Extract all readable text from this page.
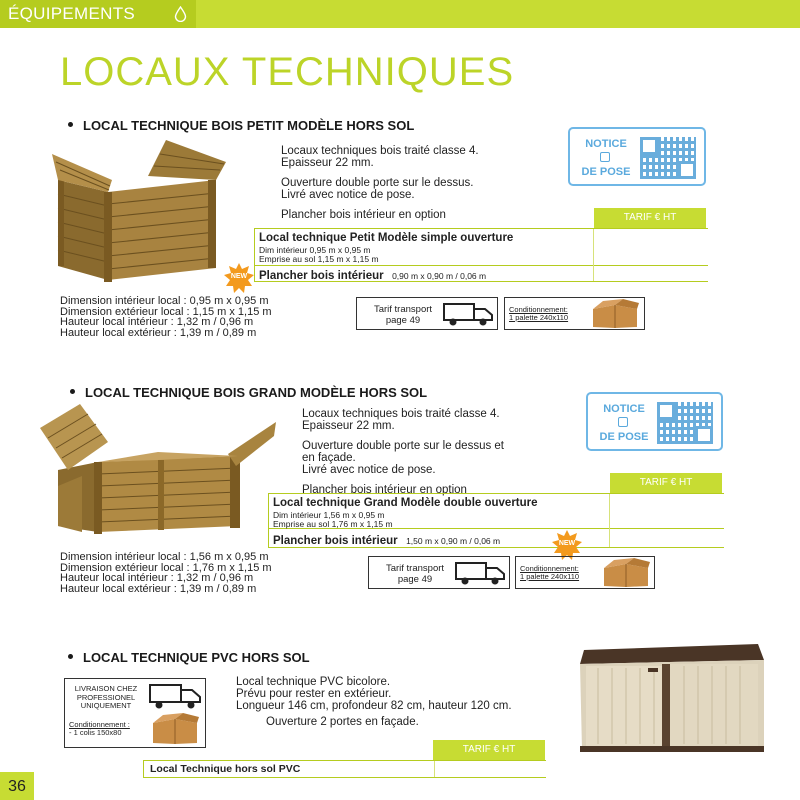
ÉQUIPEMENTS
LOCAUX TECHNIQUES
LOCAL TECHNIQUE BOIS PETIT MODÈLE HORS SOL
Locaux techniques bois traité classe 4.
Epaisseur 22 mm.
Ouverture double porte sur le dessus.
Livré avec notice de pose.
Plancher bois intérieur en option
NOTICE
DE POSE
TARIF € HT
Local technique Petit Modèle simple ouverture
Dim intérieur 0,95 m x 0,95 m
Emprise au sol 1,15 m x 1,15 m
Plancher bois intérieur 0,90 m x 0,90 m / 0,06 m
NEW
Dimension intérieur local : 0,95 m x 0,95 m
Dimension extérieur local : 1,15 m x 1,15 m
Hauteur local intérieur : 1,32 m / 0,96 m
Hauteur local extérieur : 1,39 m / 0,89 m
Tarif transport page 49
Conditionnement:
1 palette 240x110
LOCAL TECHNIQUE BOIS GRAND MODÈLE HORS SOL
Locaux techniques bois traité classe 4.
Epaisseur 22 mm.
Ouverture double porte sur le dessus et
en façade.
Livré avec notice de pose.
Plancher bois intérieur en option
NOTICE
DE POSE
TARIF € HT
Local technique Grand Modèle double ouverture
Dim intérieur 1,56 m x 0,95 m
Emprise au sol 1,76 m x 1,15 m
Plancher bois intérieur 1,50 m x 0,90 m / 0,06 m	NEW
Dimension intérieur local : 1,56 m x 0,95 m
Dimension extérieur local : 1,76 m x 1,15 m
Hauteur local intérieur : 1,32 m / 0,96 m
Hauteur local extérieur : 1,39 m / 0,89 m
Tarif transport page 49
Conditionnement:
1 palette 240x110
LOCAL TECHNIQUE PVC HORS SOL
LIVRAISON CHEZ
PROFESSIONEL
UNIQUEMENT
Conditionnement :
- 1 colis 150x80
Local technique PVC bicolore.
Prévu pour rester en extérieur.
Longueur 146 cm, profondeur 82 cm, hauteur 120 cm.
Ouverture 2 portes en façade.
TARIF € HT
Local Technique hors sol PVC
36
